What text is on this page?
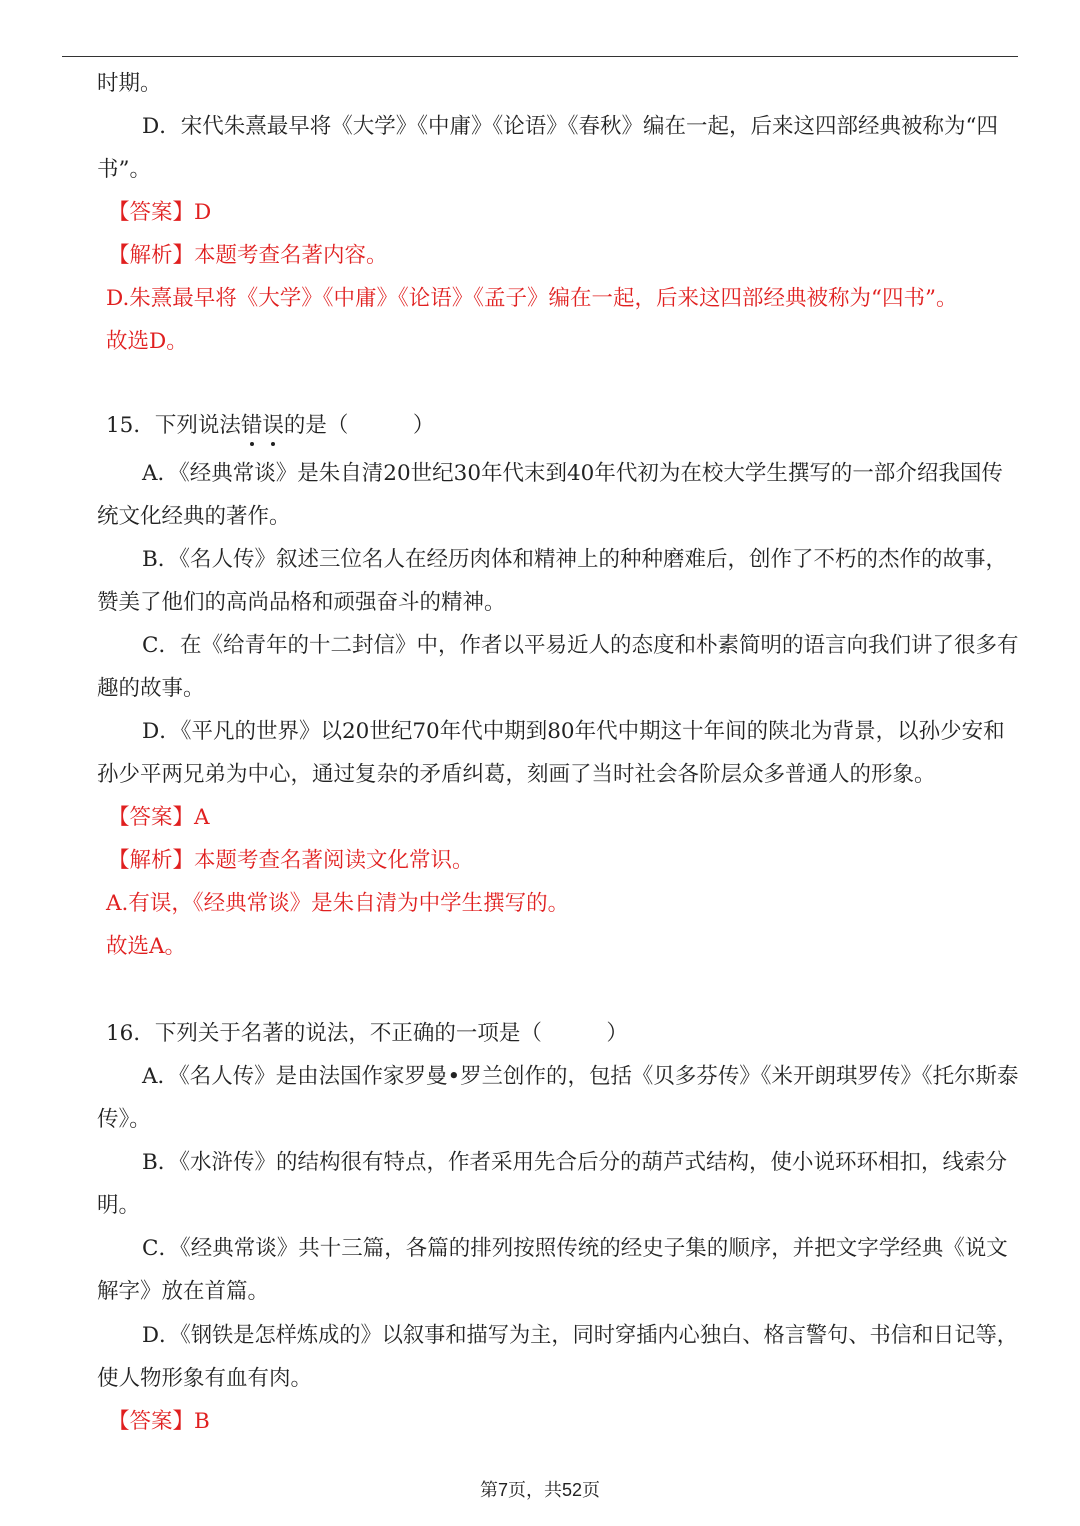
时期。
D．宋代朱熹最早将《大学》《中庸》《论语》《春秋》编在一起，后来这四部经典被称为“四
书”。
【答案】D
【解析】本题考查名著内容。
D.朱熹最早将《大学》《中庸》《论语》《孟子》编在一起，后来这四部经典被称为“四书”。
故选D。
15．下列说法错误的是（　　　）
A．《经典常谈》是朱自清20世纪30年代末到40年代初为在校大学生撰写的一部介绍我国传
统文化经典的著作。
B．《名人传》叙述三位名人在经历肉体和精神上的种种磨难后，创作了不朽的杰作的故事，
赞美了他们的高尚品格和顽强奋斗的精神。
C．在《给青年的十二封信》中，作者以平易近人的态度和朴素简明的语言向我们讲了很多有
趣的故事。
D．《平凡的世界》以20世纪70年代中期到80年代中期这十年间的陕北为背景，以孙少安和
孙少平两兄弟为中心，通过复杂的矛盾纠葛，刻画了当时社会各阶层众多普通人的形象。
【答案】A
【解析】本题考查名著阅读文化常识。
A.有误，《经典常谈》是朱自清为中学生撰写的。
故选A。
16．下列关于名著的说法，不正确的一项是（　　　）
A．《名人传》是由法国作家罗曼•罗兰创作的，包括《贝多芬传》《米开朗琪罗传》《托尔斯泰
传》。
B．《水浒传》的结构很有特点，作者采用先合后分的葫芦式结构，使小说环环相扣，线索分
明。
C．《经典常谈》共十三篇，各篇的排列按照传统的经史子集的顺序，并把文字学经典《说文
解字》放在首篇。
D．《钢铁是怎样炼成的》以叙事和描写为主，同时穿插内心独白、格言警句、书信和日记等，
使人物形象有血有肉。
【答案】B
第7页，共52页
